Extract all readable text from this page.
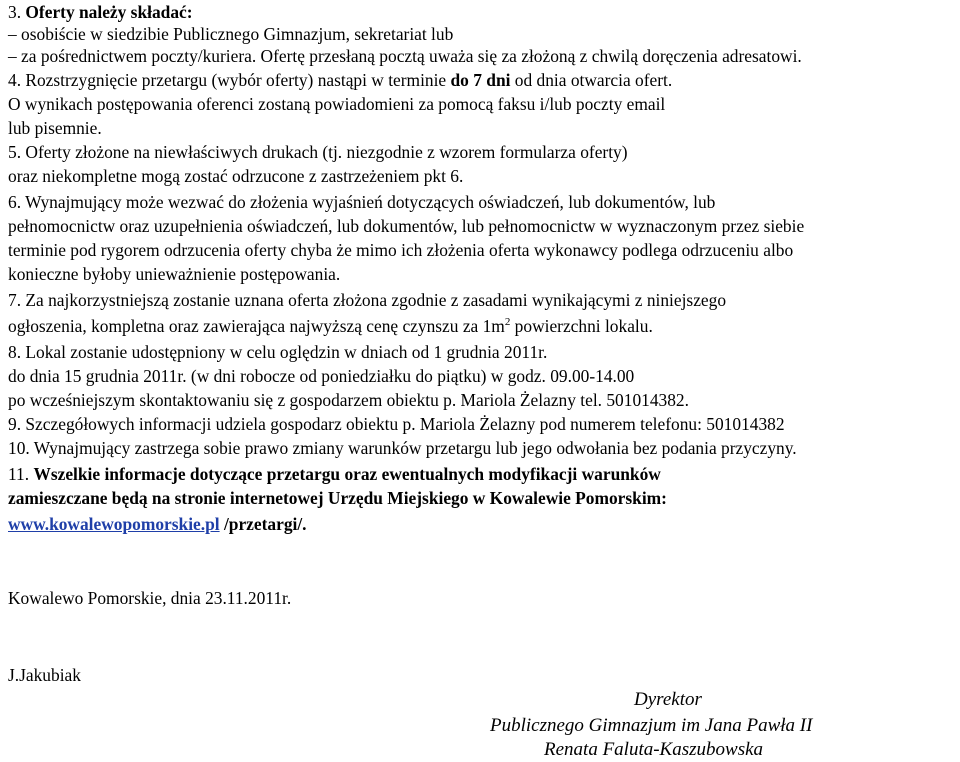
3. Oferty należy składać:
– osobiście w siedzibie Publicznego Gimnazjum, sekretariat lub
– za pośrednictwem poczty/kuriera. Ofertę przesłaną pocztą uważa się za złożoną z chwilą doręczenia adresatowi.
4. Rozstrzygnięcie przetargu (wybór oferty) nastąpi w terminie do 7 dni od dnia otwarcia ofert.
O wynikach postępowania oferenci zostaną powiadomieni za pomocą faksu i/lub poczty email
lub pisemnie.
5. Oferty złożone na niewłaściwych drukach (tj. niezgodnie z wzorem formularza oferty)
oraz niekompletne mogą zostać odrzucone z zastrzeżeniem pkt 6.
6. Wynajmujący może wezwać do złożenia wyjaśnień dotyczących oświadczeń, lub dokumentów, lub
pełnomocnictw oraz uzupełnienia oświadczeń, lub dokumentów, lub pełnomocnictw w wyznaczonym przez siebie
terminie pod rygorem odrzucenia oferty chyba że mimo ich złożenia oferta wykonawcy podlega odrzuceniu albo
konieczne byłoby unieważnienie postępowania.
7. Za najkorzystniejszą zostanie uznana oferta złożona zgodnie z zasadami wynikającymi z niniejszego
ogłoszenia, kompletna oraz zawierająca najwyższą cenę czynszu za $1m^2$ powierzchni lokalu.
8. Lokal zostanie udostępniony w celu oględzin w dniach od 1 grudnia 2011r.
do dnia 15 grudnia 2011r. (w dni robocze od poniedziałku do piątku) w godz. 09.00-14.00
po wcześniejszym skontaktowaniu się z gospodarzem obiektu p. Mariola Żelazny tel. 501014382.
9. Szczegółowych informacji udziela gospodarz obiektu p. Mariola Żelazny pod numerem telefonu: 501014382
10. Wynajmujący zastrzega sobie prawo zmiany warunków przetargu lub jego odwołania bez podania przyczyny.
11. Wszelkie informacje dotyczące przetargu oraz ewentualnych modyfikacji warunków
zamieszczane będą na stronie internetowej Urzędu Miejskiego w Kowalewie Pomorskim:
www.kowalewopomorskie.pl /przetargi/.
Kowalewo Pomorskie, dnia 23.11.2011r.
J.Jakubiak
Dyrektor
Publicznego Gimnazjum im Jana Pawła II
Renata Faluta-Kaszubowska
